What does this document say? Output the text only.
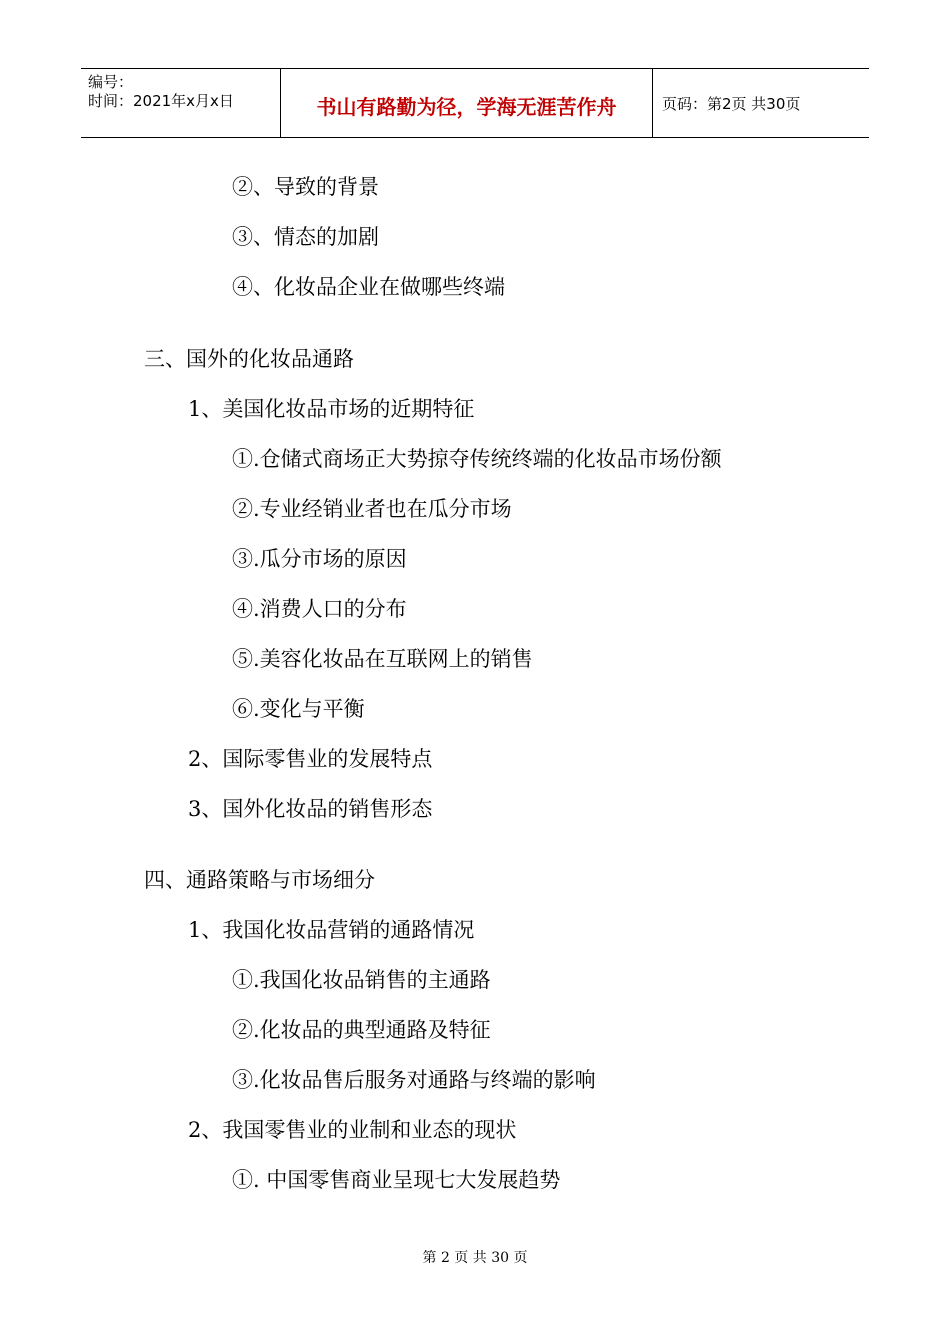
编号：
时间：2021年x月x日	书山有路勤为径，学海无涯苦作舟	页码：第2页 共30页
②、导致的背景
③、情态的加剧
④、化妆品企业在做哪些终端
三、国外的化妆品通路
1、美国化妆品市场的近期特征
①.仓储式商场正大势掠夺传统终端的化妆品市场份额
②.专业经销业者也在瓜分市场
③.瓜分市场的原因
④.消费人口的分布
⑤.美容化妆品在互联网上的销售
⑥.变化与平衡
2、国际零售业的发展特点
3、国外化妆品的销售形态
四、通路策略与市场细分
1、我国化妆品营销的通路情况
①.我国化妆品销售的主通路
②.化妆品的典型通路及特征
③.化妆品售后服务对通路与终端的影响
2、我国零售业的业制和业态的现状
①. 中国零售商业呈现七大发展趋势
第 2 页 共 30 页
